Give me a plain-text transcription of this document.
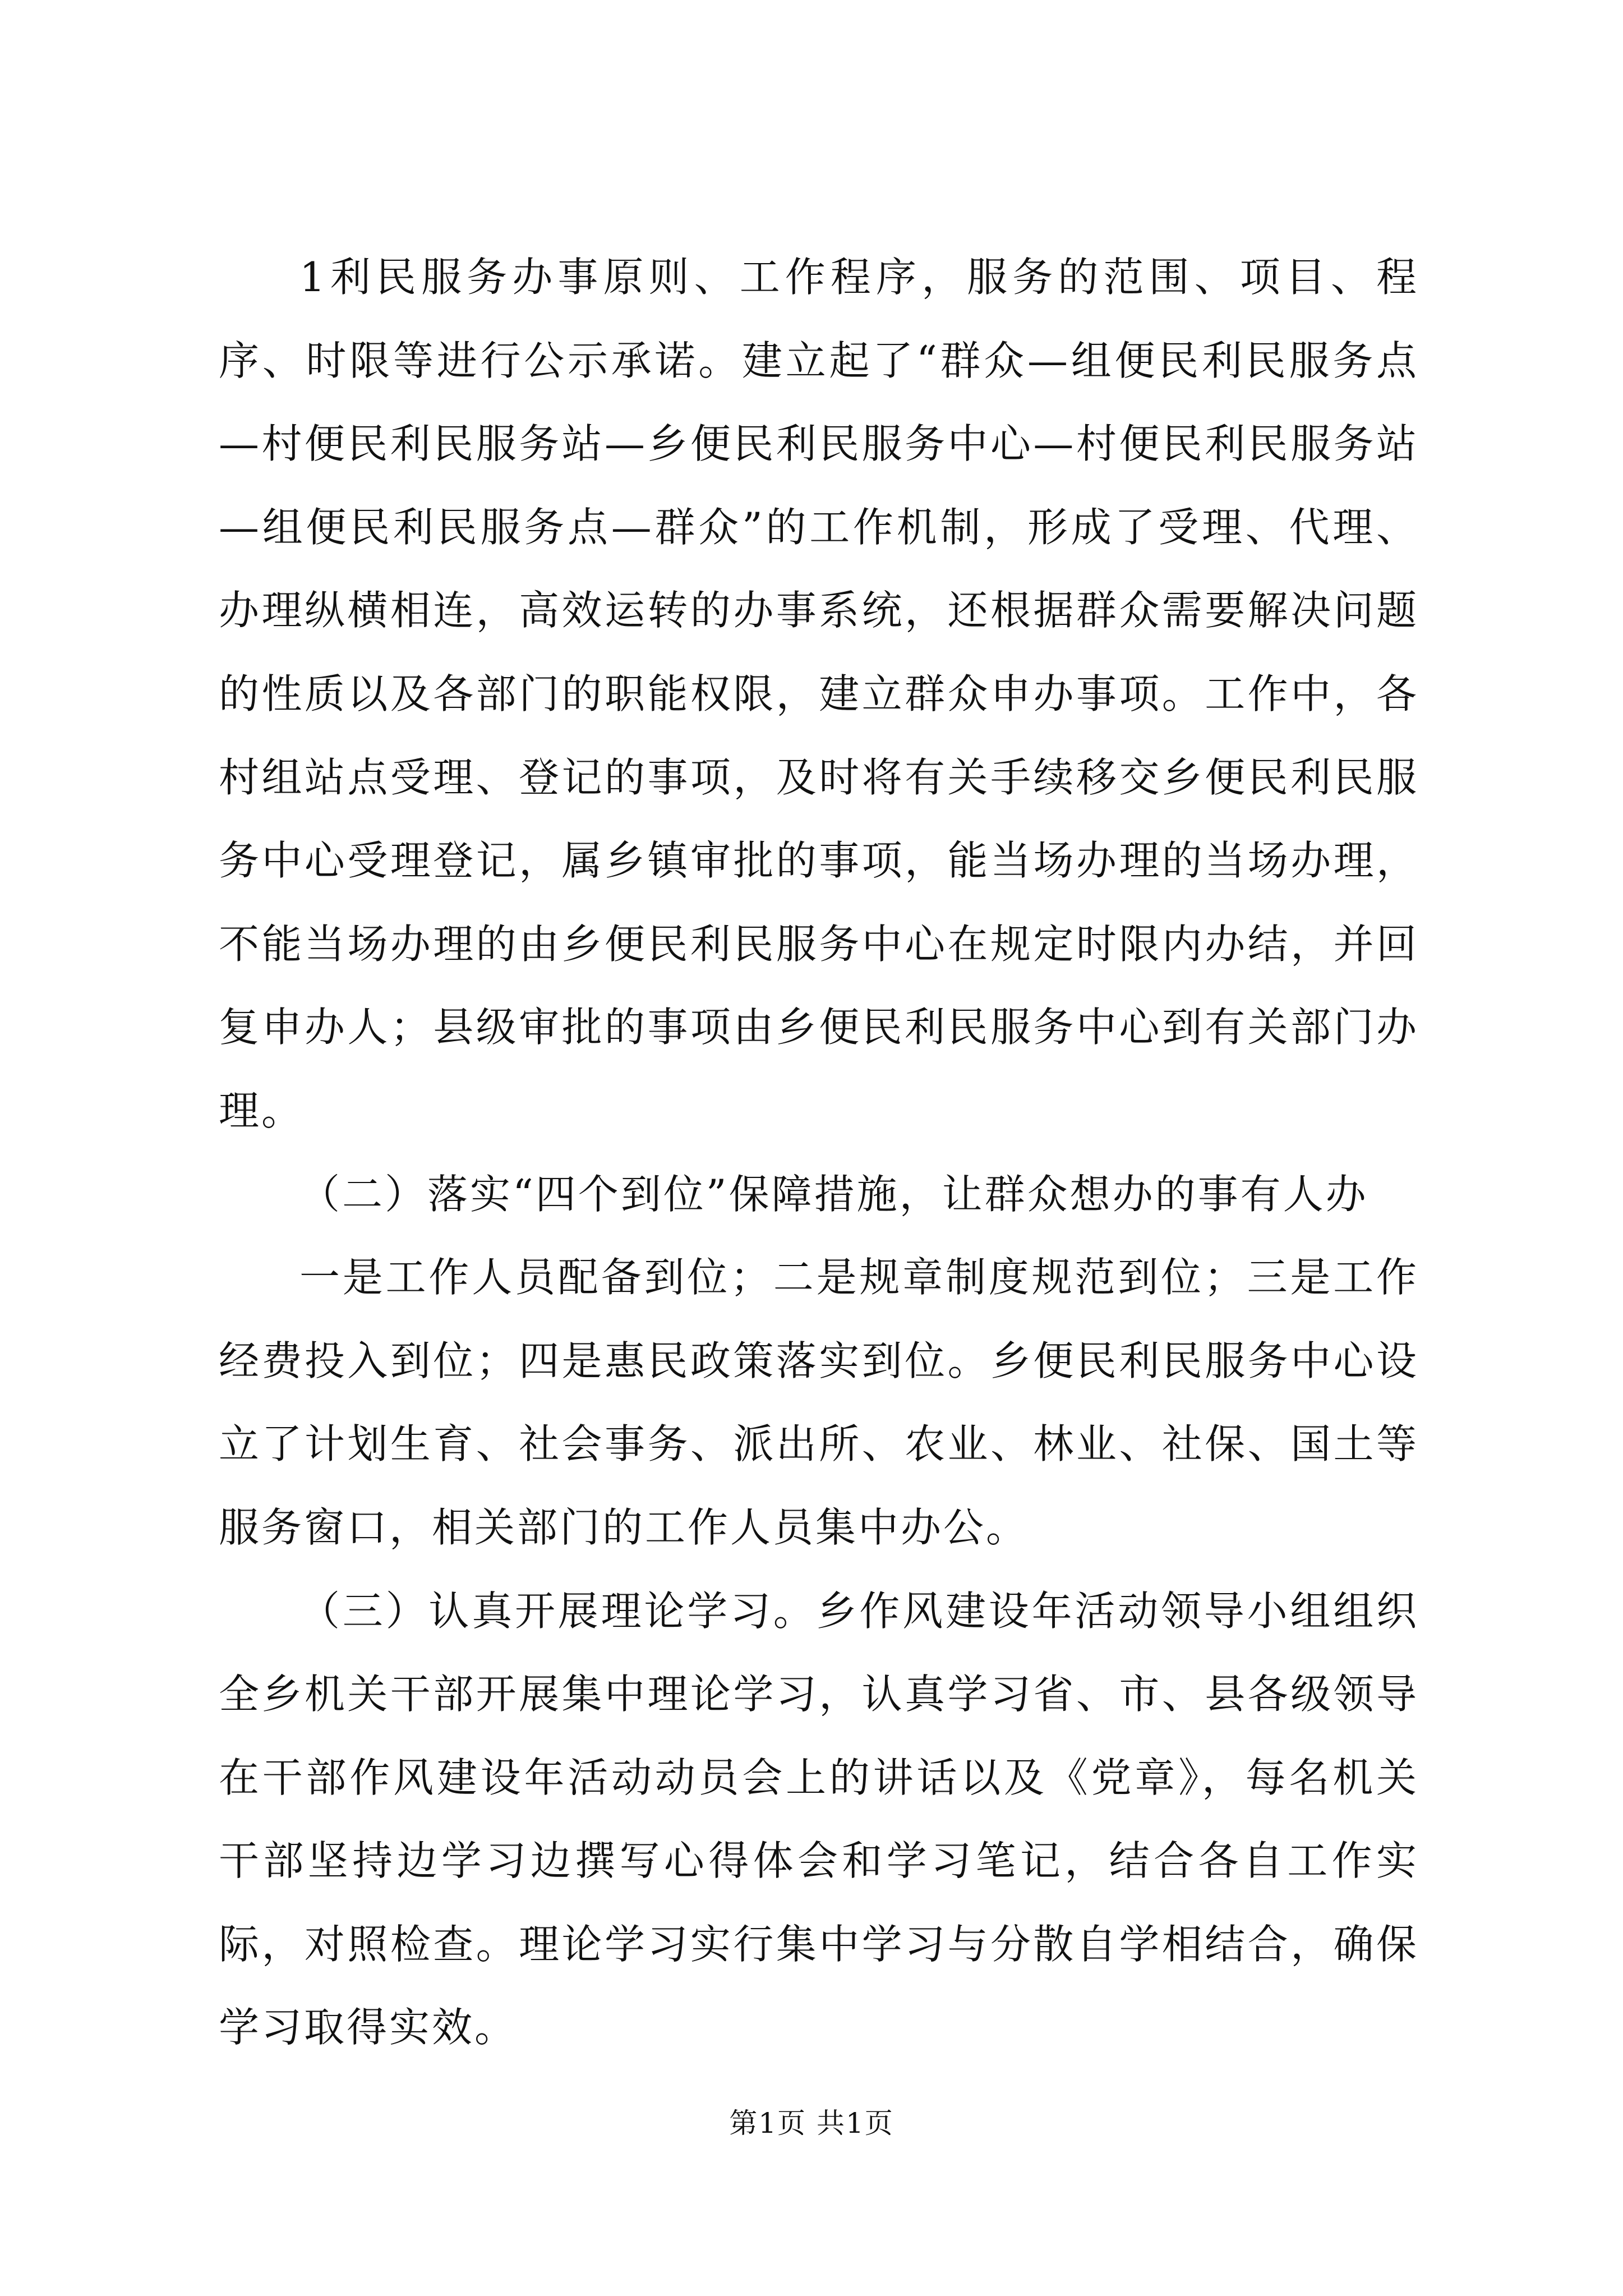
1利民服务办事原则、工作程序，服务的范围、项目、程序、时限等进行公示承诺。建立起了“群众—组便民利民服务点—村便民利民服务站—乡便民利民服务中心—村便民利民服务站—组便民利民服务点—群众”的工作机制，形成了受理、代理、办理纵横相连，高效运转的办事系统，还根据群众需要解决问题的性质以及各部门的职能权限，建立群众申办事项。工作中，各村组站点受理、登记的事项，及时将有关手续移交乡便民利民服务中心受理登记，属乡镇审批的事项，能当场办理的当场办理，不能当场办理的由乡便民利民服务中心在规定时限内办结，并回复申办人；县级审批的事项由乡便民利民服务中心到有关部门办理。

（二）落实“四个到位”保障措施，让群众想办的事有人办

一是工作人员配备到位；二是规章制度规范到位；三是工作经费投入到位；四是惠民政策落实到位。乡便民利民服务中心设立了计划生育、社会事务、派出所、农业、林业、社保、国土等服务窗口，相关部门的工作人员集中办公。

（三）认真开展理论学习。乡作风建设年活动领导小组组织全乡机关干部开展集中理论学习，认真学习省、市、县各级领导在干部作风建设年活动动员会上的讲话以及《党章》，每名机关干部坚持边学习边撰写心得体会和学习笔记，结合各自工作实际，对照检查。理论学习实行集中学习与分散自学相结合，确保学习取得实效。

第1页 共1页
